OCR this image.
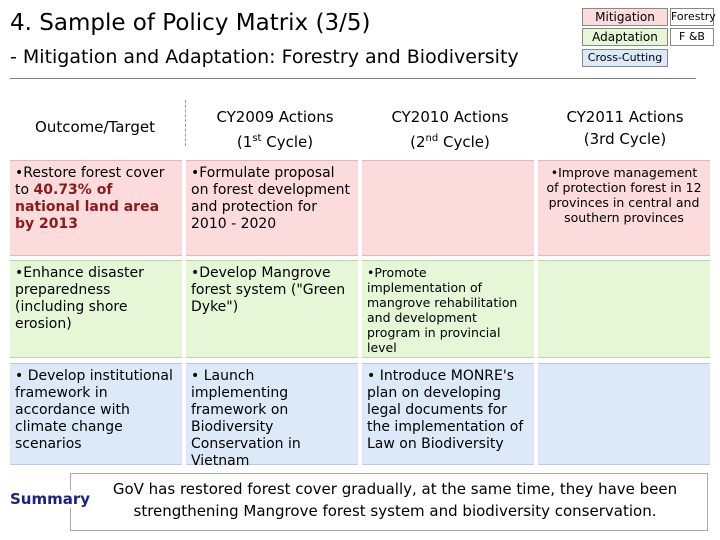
4. Sample of Policy Matrix (3/5)
- Mitigation and Adaptation: Forestry and Biodiversity
Mitigation
Adaptation
Cross-Cutting
Forestry
F &B
Outcome/Target
CY2009 Actions
(1st Cycle)
CY2010 Actions
(2nd Cycle)
CY2011 Actions
(3rd Cycle)
•Restore forest cover to 40.73% of national land area by 2013
•Formulate proposal on forest development and protection for 2010 - 2020
•Improve management of protection forest in 12 provinces in central and southern provinces
•Enhance disaster preparedness (including shore erosion)
•Develop Mangrove forest system ("Green Dyke")
•Promote implementation of mangrove rehabilitation and development program in provincial level
• Develop institutional framework in accordance with climate change scenarios
• Launch implementing framework on Biodiversity Conservation in Vietnam
• Introduce MONRE's plan on developing legal documents for the implementation of Law on Biodiversity
Summary
GoV has restored forest cover gradually, at the same time, they have been strengthening Mangrove forest system and biodiversity conservation.
